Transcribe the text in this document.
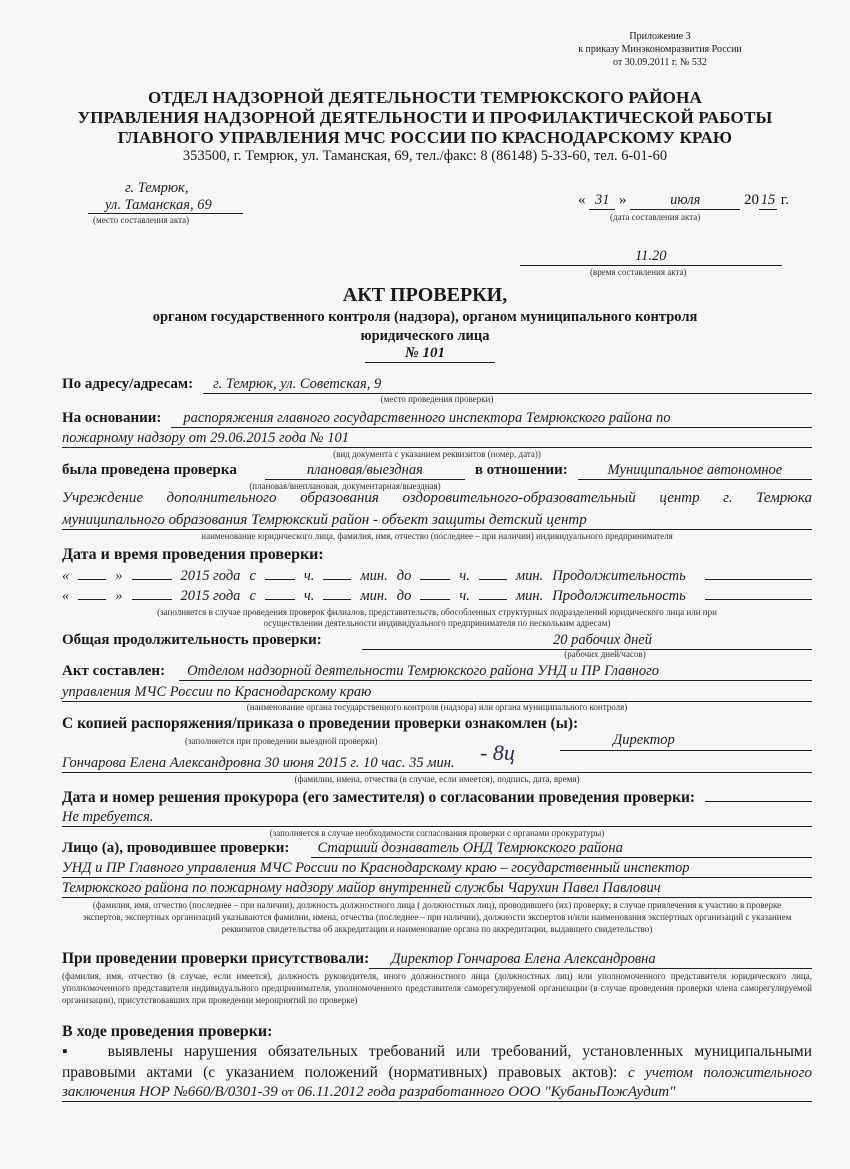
Приложение 3
к приказу Минэкономразвития России
от 30.09.2011 г. № 532
ОТДЕЛ НАДЗОРНОЙ ДЕЯТЕЛЬНОСТИ ТЕМРЮКСКОГО РАЙОНА
УПРАВЛЕНИЯ НАДЗОРНОЙ ДЕЯТЕЛЬНОСТИ И ПРОФИЛАКТИЧЕСКОЙ РАБОТЫ
ГЛАВНОГО УПРАВЛЕНИЯ МЧС РОССИИ ПО КРАСНОДАРСКОМУ КРАЮ
353500, г. Темрюк, ул. Таманская, 69, тел./факс: 8 (86148) 5-33-60, тел. 6-01-60
г. Темрюк,
ул. Таманская, 69
(место составления акта)
« 31 »	июля	20 15 г.
(дата составления акта)
11.20
(время составления акта)
АКТ ПРОВЕРКИ,
органом государственного контроля (надзора), органом муниципального контроля
юридического лица
№ 101
По адресу/адресам:	г. Темрюк, ул. Советская, 9
(место проведения проверки)
На основании:	распоряжения главного государственного инспектора Темрюкского района по
пожарному надзору от 29.06.2015 года № 101
(вид документа с указанием реквизитов (номер, дата))
была проведена проверка	плановая/выездная	в отношении:	Муниципальное автономное
(плановая/внеплановая, документарная/выездная)
Учреждение дополнительного образования оздоровительного-образовательный центр г. Темрюка
муниципального образования Темрюкский район - объект защиты детский центр
наименование юридического лица, фамилия, имя, отчество (последнее – при наличии) индивидуального предпринимателя
Дата и время проведения проверки:
«	»	2015 года с	ч.	мин. до	ч.	мин. Продолжительность
«	»	2015 года с	ч.	мин. до	ч.	мин. Продолжительность
(заполняется в случае проведения проверок филиалов, представительств, обособленных структурных подразделений юридического лица или при
осуществлении деятельности индивидуального предпринимателя по нескольким адресам)
Общая продолжительность проверки:	20 рабочих дней
(рабочих дней/часов)
Акт составлен:	Отделом надзорной деятельности Темрюкского района УНД и ПР Главного
управления МЧС России по Краснодарскому краю
(наименование органа государственного контроля (надзора) или органа муниципального контроля)
С копией распоряжения/приказа о проведении проверки ознакомлен (ы):
(заполняется при проведении выездной проверки)	Директор
Гончарова Елена Александровна 30 июня 2015 г. 10 час. 35 мин.	- 8ц
(фамилии, имена, отчества (в случае, если имеется), подпись, дата, время)
Дата и номер решения прокурора (его заместителя) о согласовании проведения проверки:
Не требуется.
(заполняется в случае необходимости согласования проверки с органами прокуратуры)
Лицо (а), проводившее проверки:	Старший дознаватель ОНД Темрюкского района
УНД и ПР Главного управления МЧС России по Краснодарскому краю – государственный инспектор
Темрюкского района по пожарному надзору майор внутренней службы Чарухин Павел Павлович
(фамилия, имя, отчество (последнее – при наличии), должность должностного лица ( должностных лиц), проводившего (их) проверку; в случае привлечения к участию в проверке экспертов, экспертных организаций указываются фамилии, имена, отчества (последнее – при наличии), должности экспертов и/или наименования экспертных организаций с указанием реквизитов свидетельства об аккредитации и наименование органа по аккредитации, выдавшего свидетельство)
При проведении проверки присутствовали:	Директор Гончарова Елена Александровна
(фамилия, имя, отчество (в случае, если имеется), должность руководителя, иного должностного лица (должностных лиц) или уполномоченного представителя юридического лица, уполномоченного представителя индивидуального предпринимателя, уполномоченного представителя саморегулируемой организации (в случае проведения проверки члена саморегулируемой организации), присутствовавших при проведении мероприятий по проверке)
В ходе проведения проверки:
▪ выявлены нарушения обязательных требований или требований, установленных муниципальными
правовыми актами (с указанием положений (нормативных) правовых актов): с учетом положительного
заключения НОР №660/В/0301-39 от 06.11.2012 года разработанного ООО "КубаньПожАудит"
